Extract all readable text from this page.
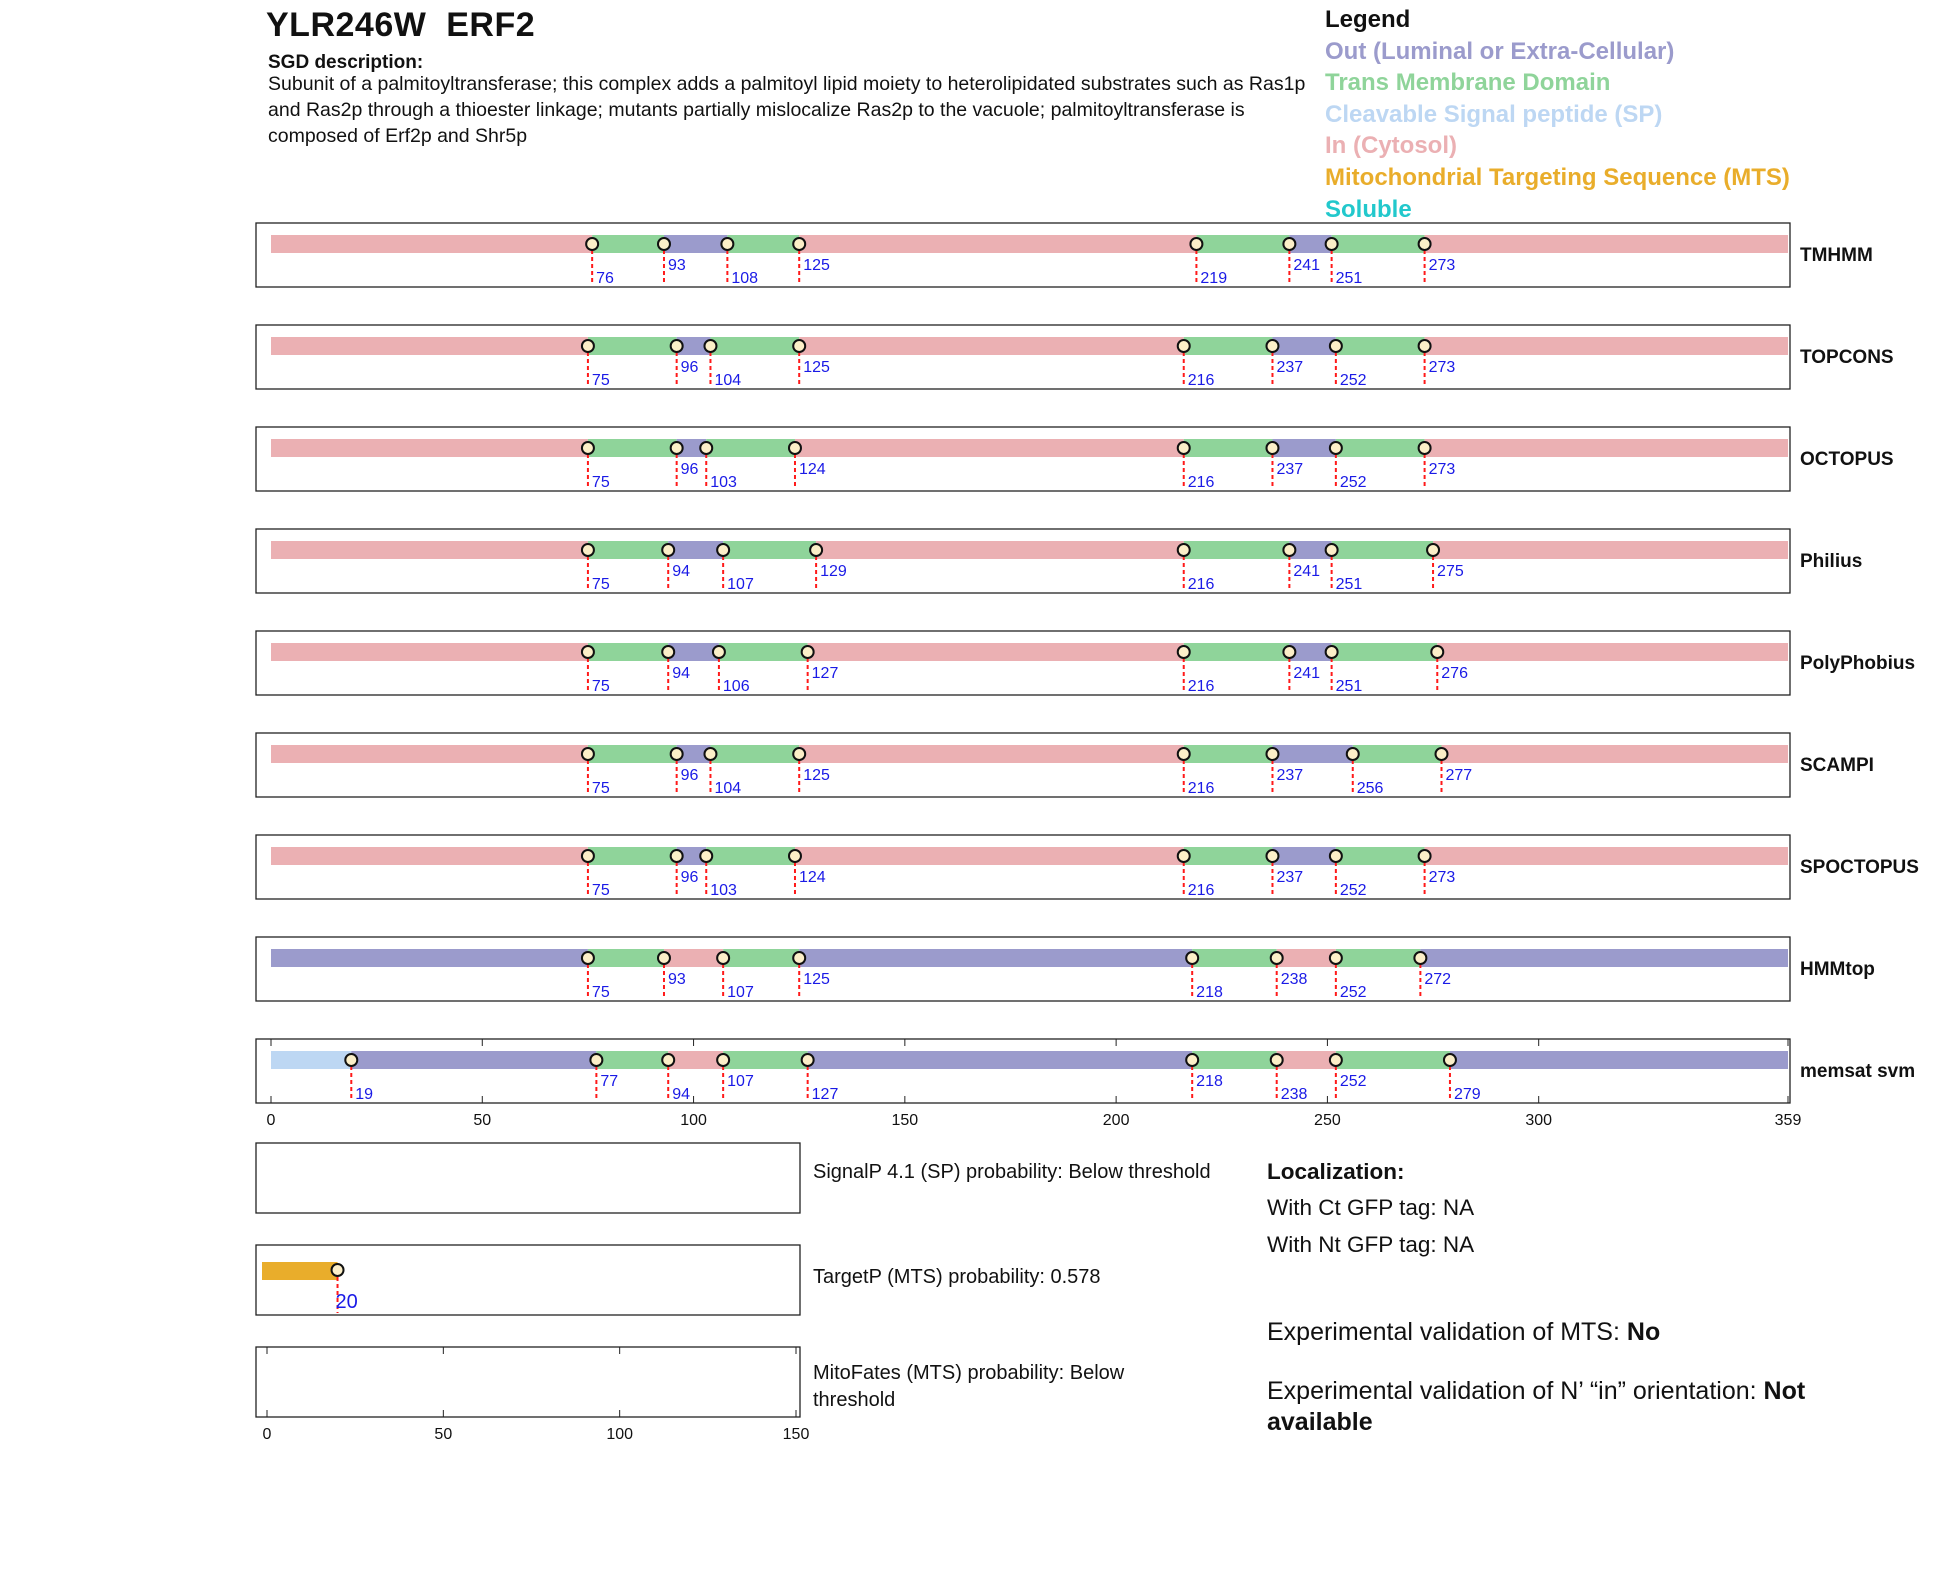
YLR246W ERF2
SGD description:
Subunit of a palmitoyltransferase; this complex adds a palmitoyl lipid moiety to heterolipidated substrates such as Ras1p and Ras2p through a thioester linkage; mutants partially mislocalize Ras2p to the vacuole; palmitoyltransferase is composed of Erf2p and Shr5p
Legend
Out (Luminal or Extra-Cellular)
Trans Membrane Domain
Cleavable Signal peptide (SP)
In (Cytosol)
Mitochondrial Targeting Sequence (MTS)
Soluble
76
93
108
125
219
241
251
273	TMHMM
75
96
104
125
216
237
252
273	TOPCONS
75
96
103
124
216
237
252
273	OCTOPUS
75
94
107
129
216
241
251
275	Philius
75
94
106
127
216
241
251
276	PolyPhobius
75
96
104
125
216
237
256
277	SCAMPI
75
96
103
124
216
237
252
273	SPOCTOPUS
75
93
107
125
218
238
252
272	HMMtop
19
77
94
107
127
218
238
252
279
memsat svm
0	50	100	150	200	250	300	359
20
0	50	100	150
SignalP 4.1 (SP) probability: Below threshold
TargetP (MTS) probability: 0.578
MitoFates (MTS) probability: Below
threshold
Localization:
With Ct GFP tag: NA
With Nt GFP tag: NA
Experimental validation of MTS: No
Experimental validation of N’ “in” orientation: Not
available
